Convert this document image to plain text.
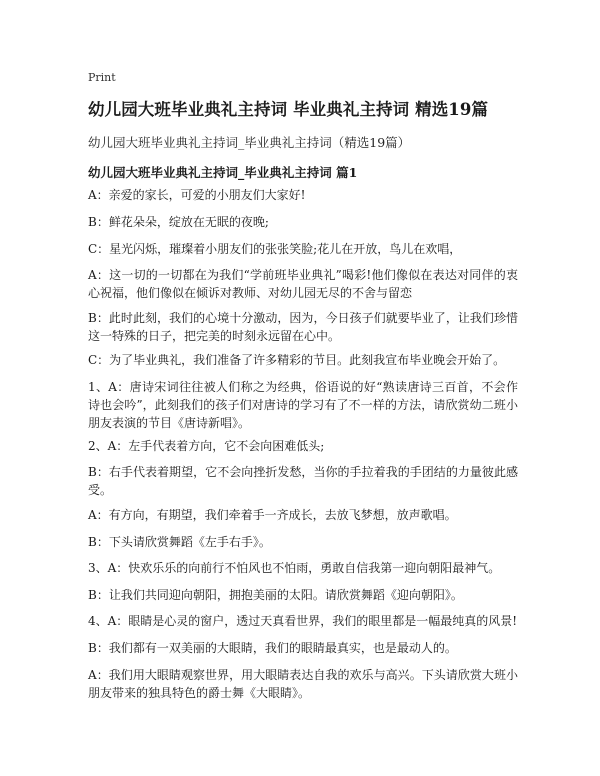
Print
幼儿园大班毕业典礼主持词 毕业典礼主持词 精选19篇
幼儿园大班毕业典礼主持词_毕业典礼主持词（精选19篇）
幼儿园大班毕业典礼主持词_毕业典礼主持词 篇1
A：亲爱的家长，可爱的小朋友们大家好!
B：鲜花朵朵，绽放在无眠的夜晚;
C：星光闪烁，璀璨着小朋友们的张张笑脸;花儿在开放，鸟儿在欢唱，
A：这一切的一切都在为我们“学前班毕业典礼”喝彩!他们像似在表达对同伴的衷心祝福，他们像似在倾诉对教师、对幼儿园无尽的不舍与留恋
B：此时此刻，我们的心境十分激动，因为，今日孩子们就要毕业了，让我们珍惜这一特殊的日子，把完美的时刻永远留在心中。
C：为了毕业典礼，我们准备了许多精彩的节目。此刻我宣布毕业晚会开始了。
1、A：唐诗宋词往往被人们称之为经典，俗语说的好“熟读唐诗三百首，不会作诗也会吟”，此刻我们的孩子们对唐诗的学习有了不一样的方法，请欣赏幼二班小朋友表演的节目《唐诗新唱》。
2、A：左手代表着方向，它不会向困难低头;
B：右手代表着期望，它不会向挫折发愁，当你的手拉着我的手团结的力量彼此感受。
A：有方向，有期望，我们牵着手一齐成长，去放飞梦想，放声歌唱。
B：下头请欣赏舞蹈《左手右手》。
3、A：快欢乐乐的向前行不怕风也不怕雨，勇敢自信我第一迎向朝阳最神气。
B：让我们共同迎向朝阳，拥抱美丽的太阳。请欣赏舞蹈《迎向朝阳》。
4、A：眼睛是心灵的窗户，透过天真看世界，我们的眼里都是一幅最纯真的风景!
B：我们都有一双美丽的大眼睛，我们的眼睛最真实，也是最动人的。
A：我们用大眼睛观察世界，用大眼睛表达自我的欢乐与高兴。下头请欣赏大班小朋友带来的独具特色的爵士舞《大眼睛》。
